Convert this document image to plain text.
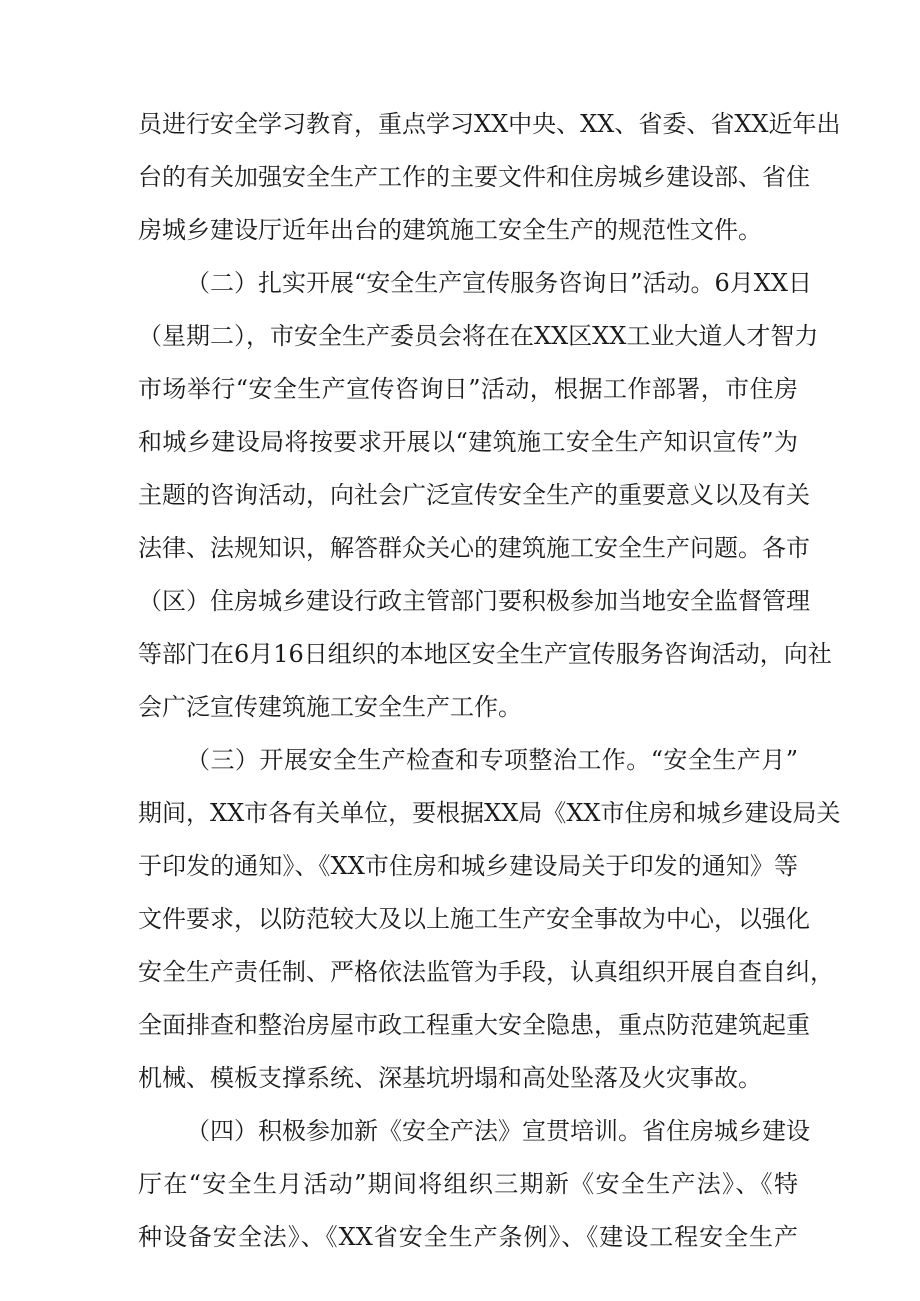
员进行安全学习教育，重点学习XX中央、XX、省委、省XX近年出
台的有关加强安全生产工作的主要文件和住房城乡建设部、省住
房城乡建设厅近年出台的建筑施工安全生产的规范性文件。
（二）扎实开展“安全生产宣传服务咨询日”活动。6月XX日
（星期二），市安全生产委员会将在在XX区XX工业大道人才智力
市场举行“安全生产宣传咨询日”活动，根据工作部署，市住房
和城乡建设局将按要求开展以“建筑施工安全生产知识宣传”为
主题的咨询活动，向社会广泛宣传安全生产的重要意义以及有关
法律、法规知识，解答群众关心的建筑施工安全生产问题。各市
（区）住房城乡建设行政主管部门要积极参加当地安全监督管理
等部门在6月16日组织的本地区安全生产宣传服务咨询活动，向社
会广泛宣传建筑施工安全生产工作。
（三）开展安全生产检查和专项整治工作。“安全生产月”
期间，XX市各有关单位，要根据XX局《XX市住房和城乡建设局关
于印发的通知》、《XX市住房和城乡建设局关于印发的通知》等
文件要求，以防范较大及以上施工生产安全事故为中心，以强化
安全生产责任制、严格依法监管为手段，认真组织开展自查自纠，
全面排查和整治房屋市政工程重大安全隐患，重点防范建筑起重
机械、模板支撑系统、深基坑坍塌和高处坠落及火灾事故。
（四）积极参加新《安全产法》宣贯培训。省住房城乡建设
厅在“安全生月活动”期间将组织三期新《安全生产法》、《特
种设备安全法》、《XX省安全生产条例》、《建设工程安全生产
